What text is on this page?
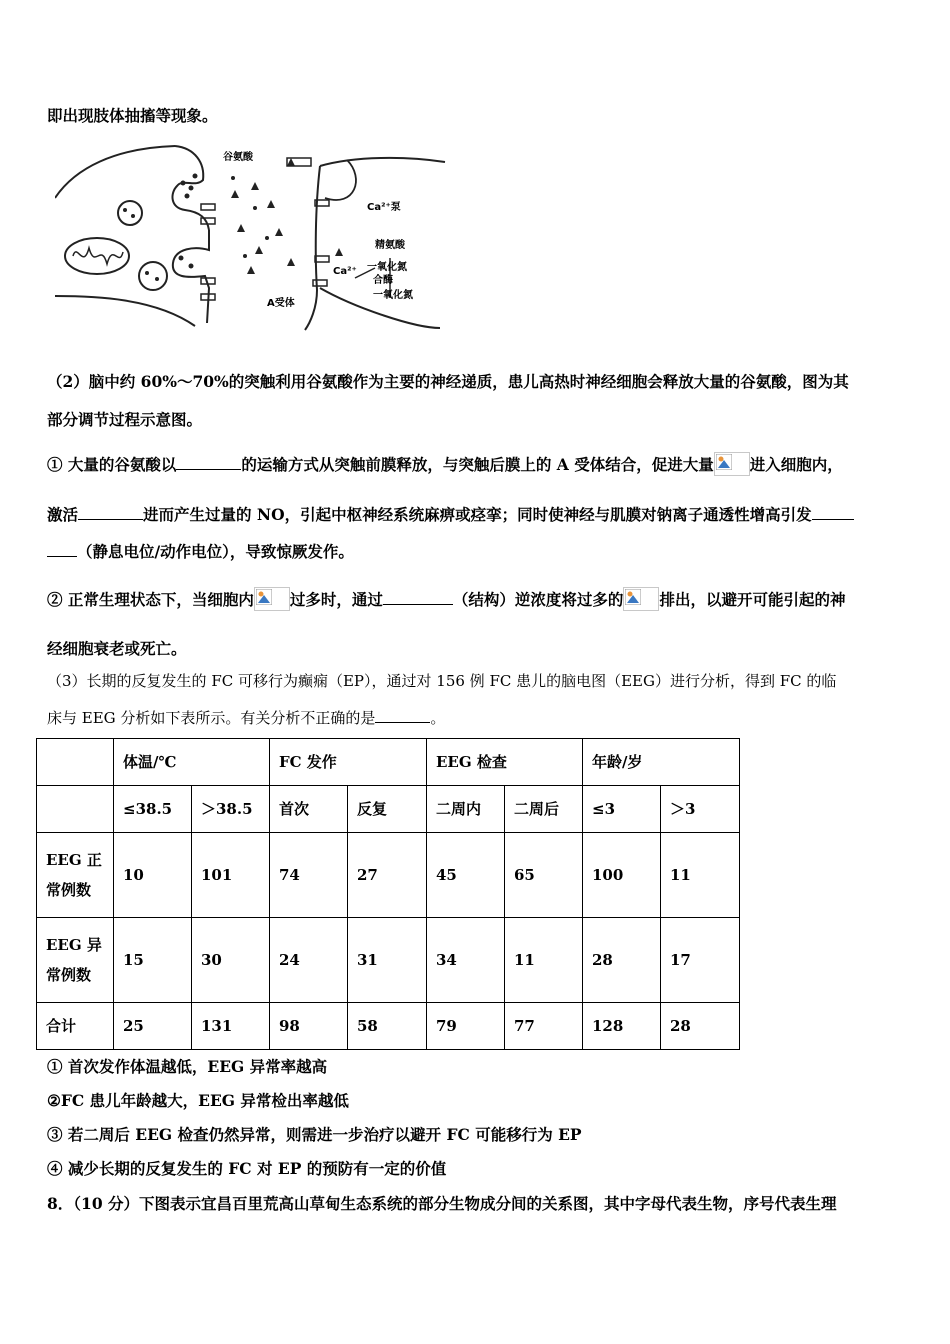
即出现肢体抽搐等现象。
谷氨酸
Ca²⁺泵
精氨酸
一氧化氮
合酶
一氧化氮
A受体
Ca²⁺
（2）脑中约 60%～70%的突触利用谷氨酸作为主要的神经递质，患儿高热时神经细胞会释放大量的谷氨酸，图为其
部分调节过程示意图。
① 大量的谷氨酸以	的运输方式从突触前膜释放，与突触后膜上的 A 受体结合，促进大量 进入细胞内，
激活	进而产生过量的 NO，引起中枢神经系统麻痹或痉挛；同时使神经与肌膜对钠离子通透性增高引发
（静息电位/动作电位），导致惊厥发作。
② 正常生理状态下，当细胞内 过多时，通过	（结构）逆浓度将过多的 排出，以避开可能引起的神
经细胞衰老或死亡。
（3）长期的反复发生的 FC 可移行为癫痫（EP），通过对 156 例 FC 患儿的脑电图（EEG）进行分析，得到 FC 的临
床与 EEG 分析如下表所示。有关分析不正确的是	。
	体温/℃		FC 发作		EEG 检查		年龄/岁	
	≤38.5	＞38.5	首次	反复	二周内	二周后	≤3	＞3
EEG 正
常例数	10	101	74	27	45	65	100	11
EEG 异
常例数	15	30	24	31	34	11	28	17
合计	25	131	98	58	79	77	128	28
① 首次发作体温越低，EEG 异常率越高
②FC 患儿年龄越大，EEG 异常检出率越低
③ 若二周后 EEG 检查仍然异常，则需进一步治疗以避开 FC 可能移行为 EP
④ 减少长期的反复发生的 FC 对 EP 的预防有一定的价值
8．（10 分）下图表示宜昌百里荒高山草甸生态系统的部分生物成分间的关系图，其中字母代表生物，序号代表生理
